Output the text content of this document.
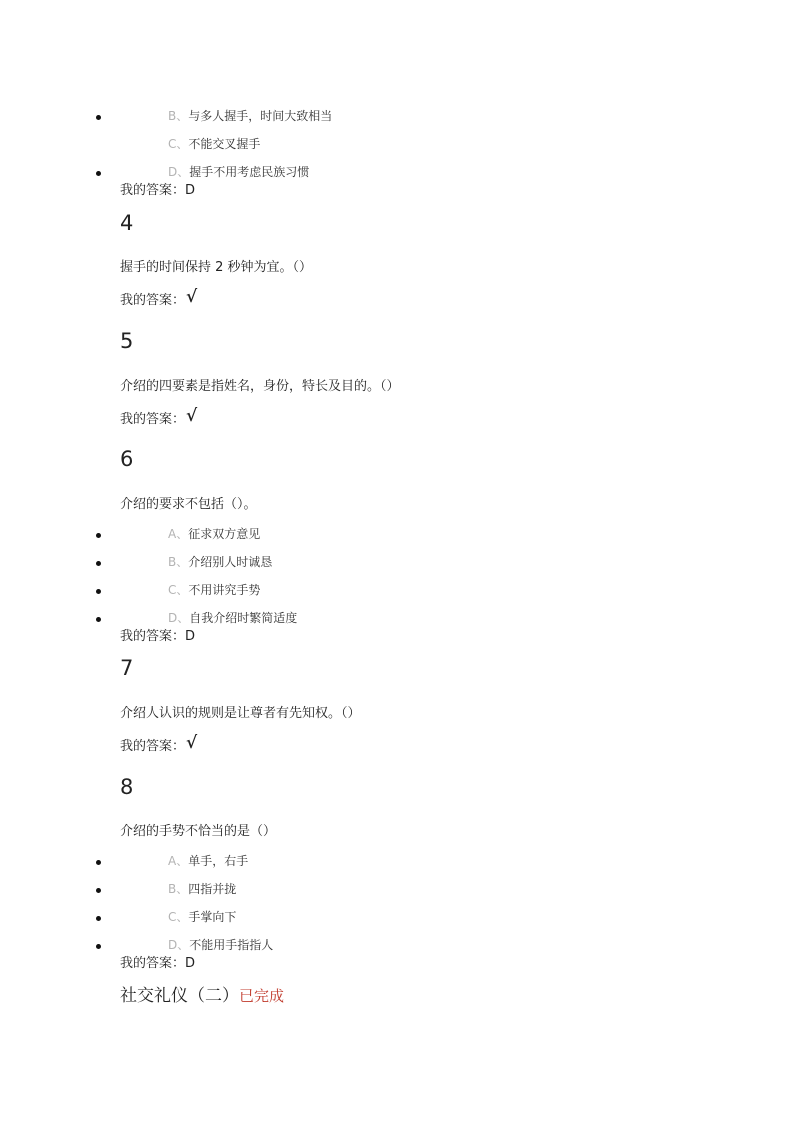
B、与多人握手，时间大致相当
C、不能交叉握手
D、握手不用考虑民族习惯
我的答案：D
4
握手的时间保持 2 秒钟为宜。（）
我的答案：√
5
介绍的四要素是指姓名，身份，特长及目的。（）
我的答案：√
6
介绍的要求不包括（）。
A、征求双方意见
B、介绍别人时诚恳
C、不用讲究手势
D、自我介绍时繁简适度
我的答案：D
7
介绍人认识的规则是让尊者有先知权。（）
我的答案：√
8
介绍的手势不恰当的是（）
A、单手，右手
B、四指并拢
C、手掌向下
D、不能用手指指人
我的答案：D
社交礼仪（二）已完成
